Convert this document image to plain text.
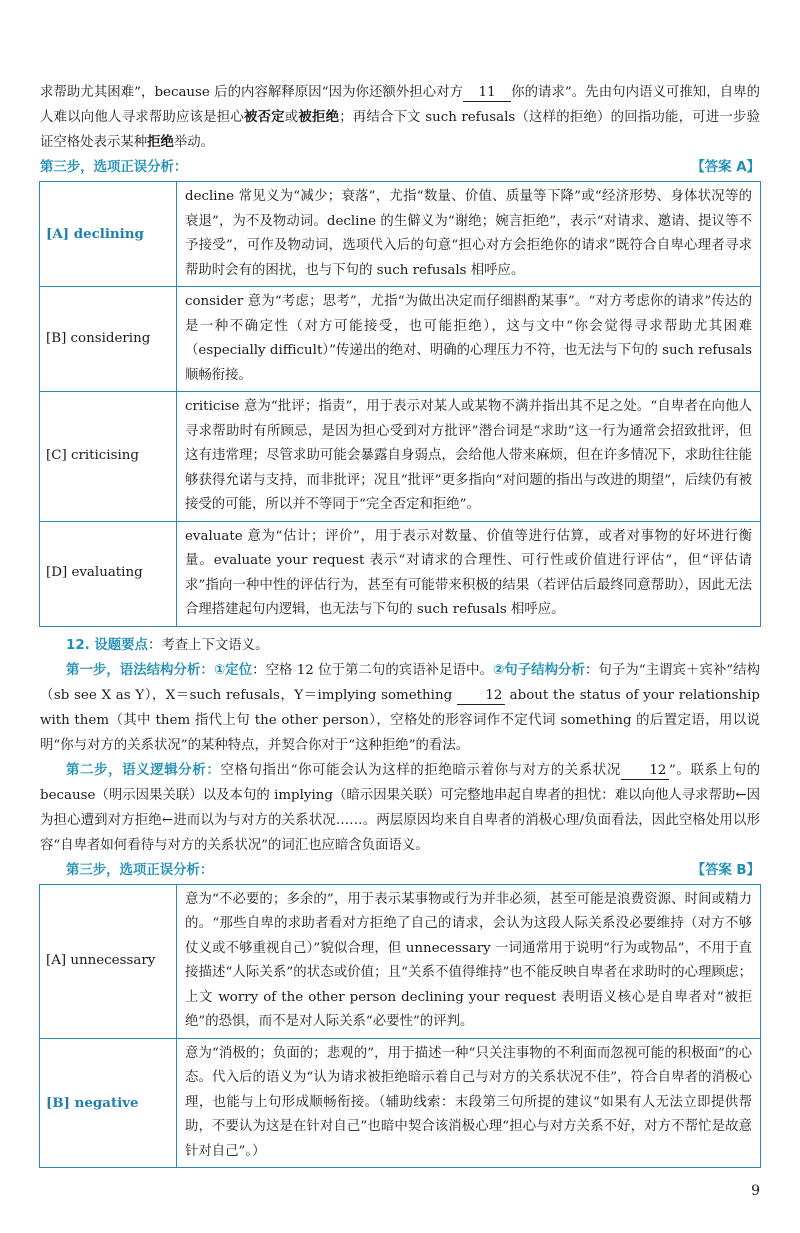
求帮助尤其困难”，because 后的内容解释原因“因为你还额外担心对方 11 你的请求”。先由句内语义可推知，自卑的人难以向他人寻求帮助应该是担心被否定或被拒绝；再结合下文 such refusals（这样的拒绝）的回指功能，可进一步验证空格处表示某种拒绝举动。

第三步，选项正误分析：	【答案 A】
[A] declining	decline 常见义为“减少；衰落”，尤指“数量、价值、质量等下降”或“经济形势、身体状况等的衰退”，为不及物动词。decline 的生僻义为“谢绝；婉言拒绝”，表示“对请求、邀请、提议等不予接受”，可作及物动词，选项代入后的句意“担心对方会拒绝你的请求”既符合自卑心理者寻求帮助时会有的困扰，也与下句的 such refusals 相呼应。
[B] considering	consider 意为“考虑；思考”，尤指“为做出决定而仔细斟酌某事”。“对方考虑你的请求”传达的是一种不确定性（对方可能接受，也可能拒绝），这与文中“你会觉得寻求帮助尤其困难（especially difficult）”传递出的绝对、明确的心理压力不符，也无法与下句的 such refusals 顺畅衔接。
[C] criticising	criticise 意为“批评；指责”，用于表示对某人或某物不满并指出其不足之处。“自卑者在向他人寻求帮助时有所顾忌，是因为担心受到对方批评”潜台词是“求助”这一行为通常会招致批评，但这有违常理；尽管求助可能会暴露自身弱点，会给他人带来麻烦，但在许多情况下，求助往往能够获得允诺与支持，而非批评；况且“批评”更多指向“对问题的指出与改进的期望”，后续仍有被接受的可能，所以并不等同于“完全否定和拒绝”。
[D] evaluating	evaluate 意为“估计；评价”，用于表示对数量、价值等进行估算，或者对事物的好坏进行衡量。evaluate your request 表示“对请求的合理性、可行性或价值进行评估”，但“评估请求”指向一种中性的评估行为，甚至有可能带来积极的结果（若评估后最终同意帮助），因此无法合理搭建起句内逻辑，也无法与下句的 such refusals 相呼应。

12. 设题要点：考查上下文语义。

第一步，语法结构分析：①定位：空格 12 位于第二句的宾语补足语中。②句子结构分析：句子为“主谓宾＋宾补”结构（sb see X as Y），X＝such refusals，Y＝implying something 12 about the status of your relationship with them（其中 them 指代上句 the other person），空格处的形容词作不定代词 something 的后置定语，用以说明“你与对方的关系状况”的某种特点，并契合你对于“这种拒绝”的看法。

第二步，语义逻辑分析：空格句指出“你可能会认为这样的拒绝暗示着你与对方的关系状况 12 ”。联系上句的 because（明示因果关联）以及本句的 implying（暗示因果关联）可完整地串起自卑者的担忧：难以向他人寻求帮助←因为担心遭到对方拒绝←进而以为与对方的关系状况……。两层原因均来自自卑者的消极心理/负面看法，因此空格处用以形容“自卑者如何看待与对方的关系状况”的词汇也应暗含负面语义。

第三步，选项正误分析：	【答案 B】
[A] unnecessary	意为“不必要的；多余的”，用于表示某事物或行为并非必须，甚至可能是浪费资源、时间或精力的。“那些自卑的求助者看对方拒绝了自己的请求，会认为这段人际关系没必要维持（对方不够仗义或不够重视自己）”貌似合理，但 unnecessary 一词通常用于说明“行为或物品”，不用于直接描述“人际关系”的状态或价值；且“关系不值得维持”也不能反映自卑者在求助时的心理顾虑；上文 worry of the other person declining your request 表明语义核心是自卑者对“被拒绝”的恐惧，而不是对人际关系“必要性”的评判。
[B] negative	意为“消极的；负面的；悲观的”，用于描述一种“只关注事物的不利面而忽视可能的积极面”的心态。代入后的语义为“认为请求被拒绝暗示着自己与对方的关系状况不佳”，符合自卑者的消极心理，也能与上句形成顺畅衔接。（辅助线索：末段第三句所提的建议“如果有人无法立即提供帮助，不要认为这是在针对自己”也暗中契合该消极心理“担心与对方关系不好，对方不帮忙是故意针对自己”。）
9
